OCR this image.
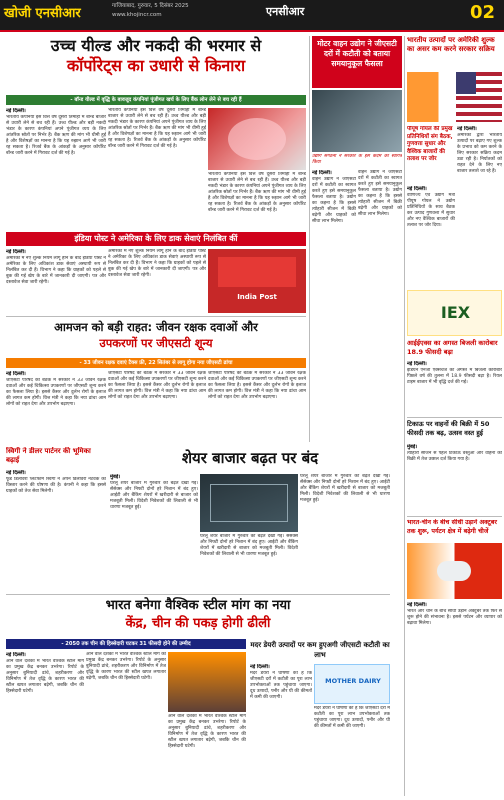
खोजी एनसीआर	गाजियाबाद, गुरुवार, 5 दिसंबर 2025
www.khojincr.com	एनसीआर	02
उच्च यील्ड और नकदी की भरमार से
कॉर्पोरेट्स का उधारी से किनारा
- बॉन्ड यील्ड में वृद्धि के बावजूद कंपनियां पूंजीगत खर्च के लिए बैंक लोन लेने से बच रही हैं
नई दिल्ली।
भारतीय कंपनियां इस वित्त वर्ष दूसरी तिमाही में बॉन्ड बाजार से उधारी लेने से बच रही हैं। उच्च यील्ड और बड़ी नकदी भंडार के कारण कंपनियां अपने पूंजीगत व्यय के लिए आंतरिक स्रोतों पर निर्भर हैं। बैंक ऋण की मांग भी धीमी हुई है और विशेषज्ञों का मानना है कि यह रुझान आगे भी जारी रह सकता है। रिजर्व बैंक के आंकड़ों के अनुसार कॉर्पोरेट बॉन्ड जारी करने में गिरावट दर्ज की गई है।
भारतीय कंपनियां इस वित्त वर्ष दूसरी तिमाही में बॉन्ड बाजार से उधारी लेने से बच रही हैं। उच्च यील्ड और बड़ी नकदी भंडार के कारण कंपनियां अपने पूंजीगत व्यय के लिए आंतरिक स्रोतों पर निर्भर हैं। बैंक ऋण की मांग भी धीमी हुई है और विशेषज्ञों का मानना है कि यह रुझान आगे भी जारी रह सकता है। रिजर्व बैंक के आंकड़ों के अनुसार कॉर्पोरेट बॉन्ड जारी करने में गिरावट दर्ज की गई है।
भारतीय कंपनियां इस वित्त वर्ष दूसरी तिमाही में बॉन्ड बाजार से उधारी लेने से बच रही हैं। उच्च यील्ड और बड़ी नकदी भंडार के कारण कंपनियां अपने पूंजीगत व्यय के लिए आंतरिक स्रोतों पर निर्भर हैं। बैंक ऋण की मांग भी धीमी हुई है और विशेषज्ञों का मानना है कि यह रुझान आगे भी जारी रह सकता है। रिजर्व बैंक के आंकड़ों के अनुसार कॉर्पोरेट बॉन्ड जारी करने में गिरावट दर्ज की गई है।
इंडिया पोस्ट ने अमेरिका के लिए डाक सेवाएं निलंबित कीं
नई दिल्ली।
अमेरिका में नए शुल्क नियम लागू होने के बाद इंडिया पोस्ट ने अमेरिका के लिए अधिकांश डाक सेवाएं अस्थायी रूप से निलंबित कर दी हैं। विभाग ने कहा कि ग्राहकों को पहले से बुक की गई खेप के बारे में जानकारी दी जाएगी। पत्र और दस्तावेज सेवा जारी रहेगी।
अमेरिका में नए शुल्क नियम लागू होने के बाद इंडिया पोस्ट ने अमेरिका के लिए अधिकांश डाक सेवाएं अस्थायी रूप से निलंबित कर दी हैं। विभाग ने कहा कि ग्राहकों को पहले से बुक की गई खेप के बारे में जानकारी दी जाएगी। पत्र और दस्तावेज सेवा जारी रहेगी।
India Post
आमजन को बड़ी राहत: जीवन रक्षक दवाओं और
उपकरणों पर जीएसटी शून्य
- 33 जीवन रक्षक दवाएं टैक्स फ्री, 22 सितंबर से लागू होगा नया जीएसटी ढांचा
नई दिल्ली।
जीएसटी परिषद की बैठक में सरकार ने 33 जीवन रक्षक दवाओं और कई चिकित्सा उपकरणों पर जीएसटी शून्य करने का फैसला लिया है। इससे कैंसर और दुर्लभ रोगों के इलाज की लागत कम होगी। वित्त मंत्री ने कहा कि नया ढांचा आम लोगों को राहत देगा और उपभोग बढ़ाएगा।
जीएसटी परिषद की बैठक में सरकार ने 33 जीवन रक्षक दवाओं और कई चिकित्सा उपकरणों पर जीएसटी शून्य करने का फैसला लिया है। इससे कैंसर और दुर्लभ रोगों के इलाज की लागत कम होगी। वित्त मंत्री ने कहा कि नया ढांचा आम लोगों को राहत देगा और उपभोग बढ़ाएगा।
जीएसटी परिषद की बैठक में सरकार ने 33 जीवन रक्षक दवाओं और कई चिकित्सा उपकरणों पर जीएसटी शून्य करने का फैसला लिया है। इससे कैंसर और दुर्लभ रोगों के इलाज की लागत कम होगी। वित्त मंत्री ने कहा कि नया ढांचा आम लोगों को राहत देगा और उपभोग बढ़ाएगा।
स्विगी ने डीलर पार्टनर की भूमिका बढ़ाई
नई दिल्ली।
फूड डिलीवरी प्लेटफॉर्म स्विगी ने अपने डिलीवरी नेटवर्क का विस्तार करने की घोषणा की है। कंपनी ने कहा कि इससे ग्राहकों को तेज सेवा मिलेगी।
शेयर बाजार बढ़त पर बंद
मुंबई।
घरेलू शेयर बाजार में गुरुवार को बढ़त देखी गई। सेंसेक्स और निफ्टी दोनों हरे निशान में बंद हुए। आईटी और बैंकिंग शेयरों में खरीदारी से बाजार को मजबूती मिली। विदेशी निवेशकों की लिवाली से भी धारणा मजबूत हुई।
घरेलू शेयर बाजार में गुरुवार को बढ़त देखी गई। सेंसेक्स और निफ्टी दोनों हरे निशान में बंद हुए। आईटी और बैंकिंग शेयरों में खरीदारी से बाजार को मजबूती मिली। विदेशी निवेशकों की लिवाली से भी धारणा मजबूत हुई।
घरेलू शेयर बाजार में गुरुवार को बढ़त देखी गई। सेंसेक्स और निफ्टी दोनों हरे निशान में बंद हुए। आईटी और बैंकिंग शेयरों में खरीदारी से बाजार को मजबूती मिली। विदेशी निवेशकों की लिवाली से भी धारणा मजबूत हुई।
भारत बनेगा वैश्विक स्टील मांग का नया
केंद्र, चीन की पकड़ होगी ढीली
- 2050 तक चीन की हिस्सेदारी घटकर 31 फीसदी होने की उम्मीद
नई दिल्ली।
आने वाले दशकों में भारत वैश्विक स्टील मांग का प्रमुख केंद्र बनकर उभरेगा। रिपोर्ट के अनुसार बुनियादी ढांचे, शहरीकरण और विनिर्माण में तेज वृद्धि के कारण भारत की स्टील खपत लगातार बढ़ेगी, जबकि चीन की हिस्सेदारी घटेगी।
आने वाले दशकों में भारत वैश्विक स्टील मांग का प्रमुख केंद्र बनकर उभरेगा। रिपोर्ट के अनुसार बुनियादी ढांचे, शहरीकरण और विनिर्माण में तेज वृद्धि के कारण भारत की स्टील खपत लगातार बढ़ेगी, जबकि चीन की हिस्सेदारी घटेगी।
आने वाले दशकों में भारत वैश्विक स्टील मांग का प्रमुख केंद्र बनकर उभरेगा। रिपोर्ट के अनुसार बुनियादी ढांचे, शहरीकरण और विनिर्माण में तेज वृद्धि के कारण भारत की स्टील खपत लगातार बढ़ेगी, जबकि चीन की हिस्सेदारी घटेगी।
मदर डेयरी उत्पादों पर कम हुएअगी जीएसटी कटौती का लाभ
नई दिल्ली।
मदर डेयरी ने घोषणा की है कि जीएसटी दरों में कटौती का पूरा लाभ उपभोक्ताओं तक पहुंचाया जाएगा। दूध उत्पादों, पनीर और घी की कीमतों में कमी की जाएगी।
MOTHER DAIRY
मदर डेयरी ने घोषणा की है कि जीएसटी दरों में कटौती का पूरा लाभ उपभोक्ताओं तक पहुंचाया जाएगा। दूध उत्पादों, पनीर और घी की कीमतों में कमी की जाएगी।
मोटर वाहन उद्योग ने जीएसटी दरों में कटौती को बताया समयानुकूल फैसला
उद्योग संगठनों ने सरकार के इस कदम का स्वागत किया
नई दिल्ली।
वाहन उद्योग ने जीएसटी दरों में कटौती का स्वागत करते हुए इसे समयानुकूल फैसला बताया है। उद्योग का कहना है कि इससे त्योहारी सीजन में बिक्री बढ़ेगी और ग्राहकों को सीधा लाभ मिलेगा।
वाहन उद्योग ने जीएसटी दरों में कटौती का स्वागत करते हुए इसे समयानुकूल फैसला बताया है। उद्योग का कहना है कि इससे त्योहारी सीजन में बिक्री बढ़ेगी और ग्राहकों को सीधा लाभ मिलेगा।
भारतीय उत्पादों पर अमेरिकी शुल्क का असर कम करने सरकार सक्रिय
पीयूष गोयल की प्रमुख प्रतिनिधियों संग बैठक, गुणवत्ता सुधार और वैश्विक बाजारों की तलाश पर जोर
नई दिल्ली।
वाणिज्य एवं उद्योग मंत्री पीयूष गोयल ने उद्योग प्रतिनिधियों के साथ बैठक कर उत्पाद गुणवत्ता में सुधार और नए वैश्विक बाजारों की तलाश पर जोर दिया।
नई दिल्ली।
अमेरिका द्वारा भारतीय उत्पादों पर बढ़ाए गए शुल्क के प्रभाव को कम करने के लिए सरकार सक्रिय कदम उठा रही है। निर्यातकों को राहत देने के लिए नए बाजार तलाशे जा रहे हैं।
IEX
आईईएक्स का अगस्त बिजली कारोबार 18.9 फीसदी बढ़ा
नई दिल्ली।
इंडियन एनर्जी एक्सचेंज का अगस्त में बिजली कारोबार पिछले वर्ष की तुलना में 18.9 फीसदी बढ़ा है। रियल टाइम बाजार में भी वृद्धि दर्ज की गई।
टिकाऊ पर वाहनों की बिक्री में 50 फीसदी तक बढ़, उत्सव वस्त हुई
मुंबई।
त्योहारी सीजन से पहले टिकाऊ वस्तुओं और वाहनों की बिक्री में तेज उछाल दर्ज किया गया है।
भारत-चीन के बीच सीधी उड़ानें अक्टूबर तक शुरू, पर्यटन क्षेत्र में बढ़ेगी चीजें
नई दिल्ली।
भारत और चीन के बीच सीधी उड़ानें अक्टूबर तक फिर से शुरू होने की संभावना है। इससे पर्यटन और व्यापार को बढ़ावा मिलेगा।
